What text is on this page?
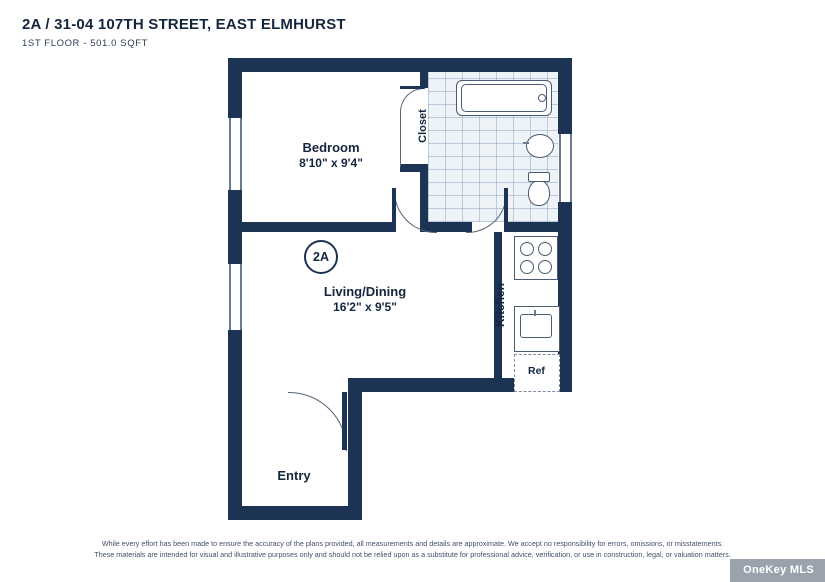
2A / 31-04 107TH STREET, EAST ELMHURST
1ST FLOOR - 501.0 SQFT
Ref
Bedroom
8'10" x 9'4"
Living/Dining
16'2" x 9'5"	Kitchen
Closet
Entry
2A
While every effort has been made to ensure the accuracy of the plans provided, all measurements and details are approximate. We accept no responsibility for errors, omissions, or misstatements.
These materials are intended for visual and illustrative purposes only and should not be relied upon as a substitute for professional advice, verification, or use in construction, legal, or valuation matters.
OneKey MLS
